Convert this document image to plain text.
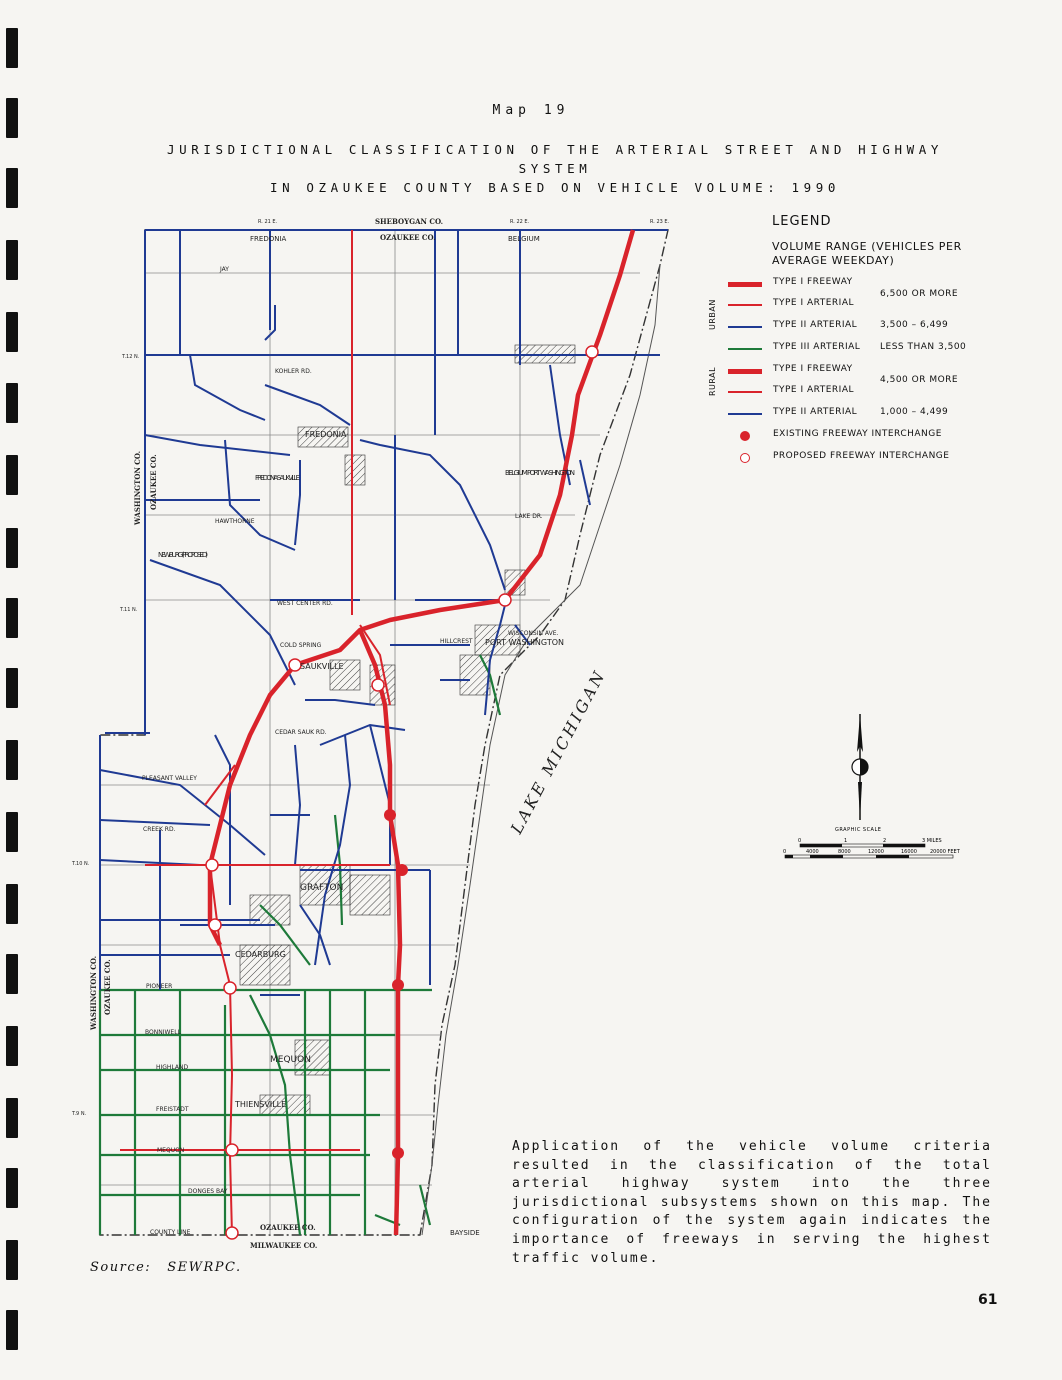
Map 19
JURISDICTIONAL CLASSIFICATION OF THE ARTERIAL STREET AND HIGHWAY SYSTEM
IN OZAUKEE COUNTY BASED ON VEHICLE VOLUME: 1990
SHEBOYGAN CO.
OZAUKEE CO.
FREDONIA	BELGIUM
JAY
KOHLER RD.
FREDONIA
FREDONIA SAUKVILLE
BELGIUM PORT WASHINGTON
LAKE DR.
HAWTHORNE
NEWBURG (PROPOSED)
WEST CENTER RD.
COLD SPRING
HILLCREST PORT WASHINGTON
WISCONSIN AVE.
SAUKVILLE
CEDAR SAUK RD.
GRAFTON
PLEASANT VALLEY
CREEK RD.
CEDARBURG
PIONEER
BONNIWELL
HIGHLAND
MEQUON
FREISTADT
THIENSVILLE
MEQUON
DONGES BAY
COUNTY LINE
OZAUKEE CO.
MILWAUKEE CO.
BAYSIDE
LAKE MICHIGAN
WASHINGTON CO. OZAUKEE CO.
WASHINGTON CO. OZAUKEE CO.
T.12 N.
T.11 N.
T.10 N.
T.9 N.
R. 21 E.	R. 22 E.	R. 23 E.	LEGEND
VOLUME RANGE (VEHICLES PER AVERAGE WEEKDAY)
URBAN
RURAL
TYPE I FREEWAY
TYPE I ARTERIAL
6,500 OR MORE
TYPE II ARTERIAL	3,500 – 6,499
TYPE III ARTERIAL LESS THAN 3,500
TYPE I FREEWAY
TYPE I ARTERIAL
4,500 OR MORE
TYPE II ARTERIAL	1,000 – 4,499
EXISTING FREEWAY INTERCHANGE
PROPOSED FREEWAY INTERCHANGE
GRAPHIC SCALE
0	1	2	3 MILES
0	4000	8000	12000	16000	20000 FEET
Application of the vehicle volume criteria resulted in the classification of the total arterial highway system into the three jurisdictional subsystems shown on this map. The configuration of the system again indicates the importance of freeways in serving the highest traffic volume.
Source: SEWRPC.
61
